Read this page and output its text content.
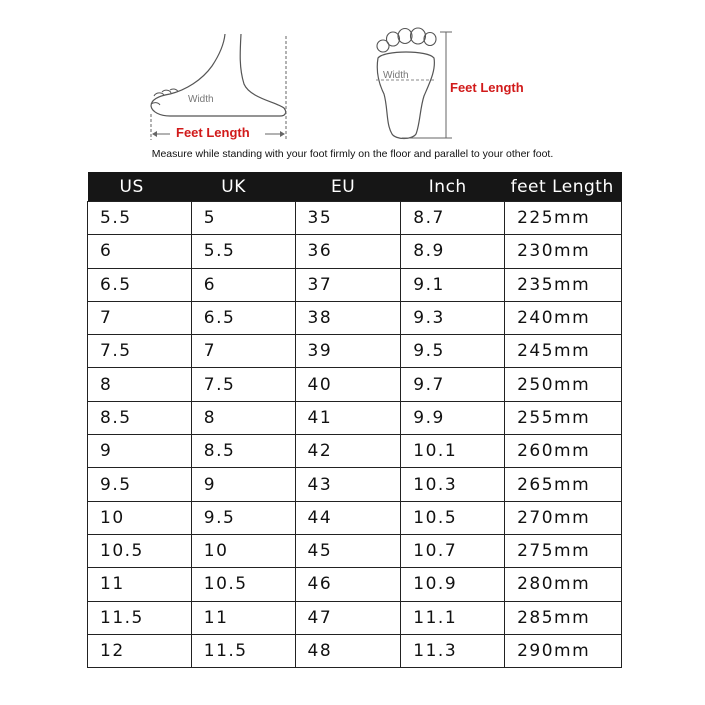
Width
Feet Length
Width
Feet Length
Measure while standing with your foot firmly on the floor and parallel to your other foot.
US	UK	EU	Inch	feet Length
5.5	5	35	8.7	225mm
6	5.5	36	8.9	230mm
6.5	6	37	9.1	235mm
7	6.5	38	9.3	240mm
7.5	7	39	9.5	245mm
8	7.5	40	9.7	250mm
8.5	8	41	9.9	255mm
9	8.5	42	10.1	260mm
9.5	9	43	10.3	265mm
10	9.5	44	10.5	270mm
10.5	10	45	10.7	275mm
11	10.5	46	10.9	280mm
11.5	11	47	11.1	285mm
12	11.5	48	11.3	290mm
